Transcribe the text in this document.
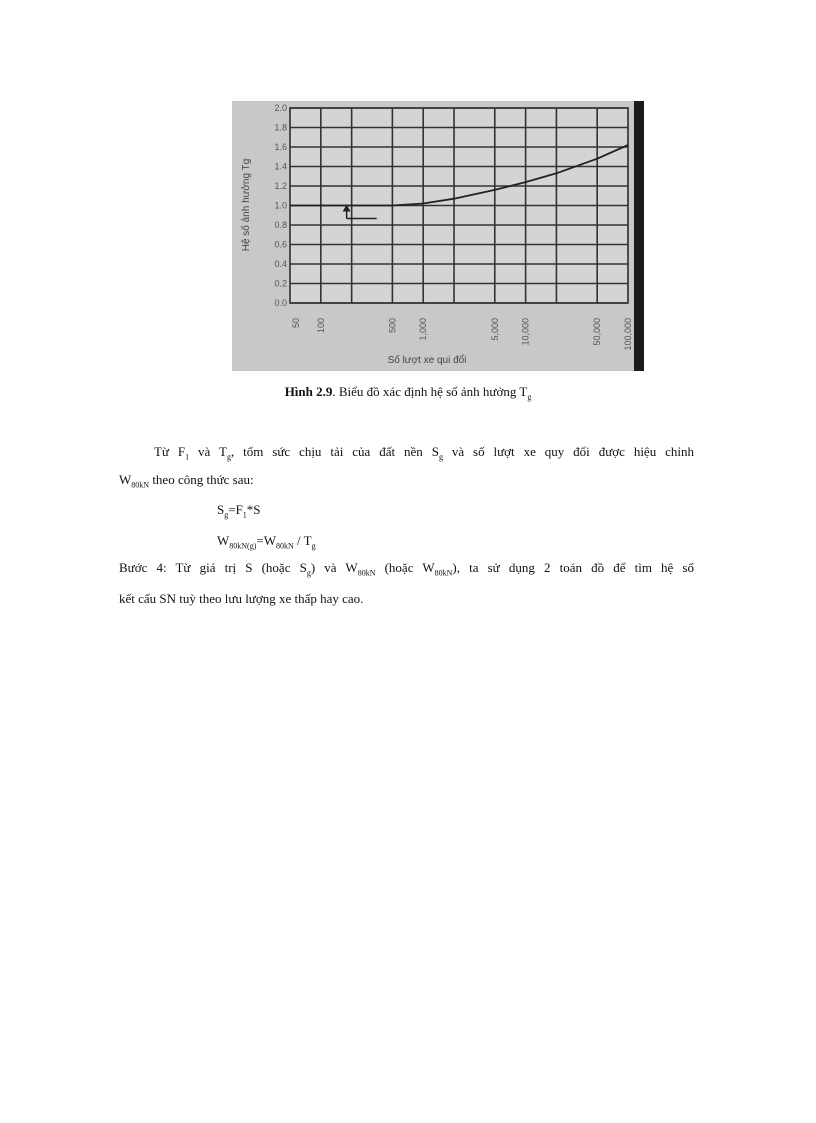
0.0
0.2
0.4
0.6
0.8
1.0
1.2
1.4
1.6
1.8
2.0
50 100	500 1,000	5,000 10,000	50,000 100,000
Hệ số ảnh hưởng Tg
Số lượt xe qui đổi
Hình 2.9. Biểu đồ xác định hệ số ảnh hưởng $T_g$
Từ $F_1$ và $T_g$, tốm sức chịu tải của đất nền $S_g$ và số lượt xe quy đổi được hiệu chỉnh
$W_{80kN}$ theo công thức sau:
$S_g=F_1*S$
$W_{80kN(g)}=W_{80kN} / T_g$
Bước 4: Từ giá trị S (hoặc $S_g$) và $W_{80kN}$ (hoặc $W_{80kN}$), ta sử dụng 2 toán đồ để tìm hệ số
kết cấu SN tuỳ theo lưu lượng xe thấp hay cao.
